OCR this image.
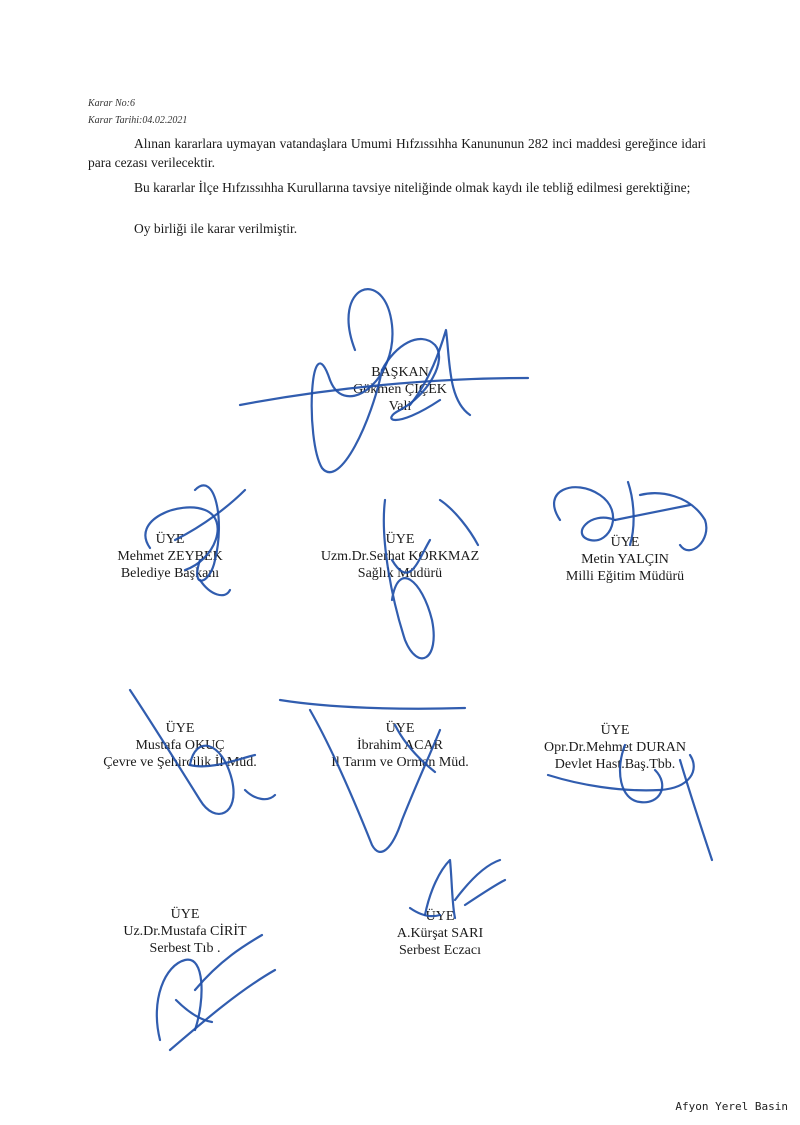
Karar No:6
Karar Tarihi:04.02.2021
Alınan kararlara uymayan vatandaşlara Umumi Hıfzıssıhha Kanununun 282 inci maddesi gereğince idari para cezası verilecektir.
Bu kararlar İlçe Hıfzıssıhha Kurullarına tavsiye niteliğinde olmak kaydı ile tebliğ edilmesi gerektiğine;
Oy birliği ile karar verilmiştir.
BAŞKAN
Gökmen ÇİÇEK
Vali
ÜYE
Mehmet ZEYBEK
Belediye Başkanı
ÜYE
Uzm.Dr.Serhat KORKMAZ
Sağlık Müdürü
ÜYE
Metin YALÇIN
Milli Eğitim Müdürü
ÜYE
Mustafa OKUÇ
Çevre ve Şehircilik İl Müd.
ÜYE
İbrahim ACAR
İl Tarım ve Orman Müd.
ÜYE
Opr.Dr.Mehmet DURAN
Devlet Hast.Baş.Tbb.
ÜYE
Uz.Dr.Mustafa CİRİT
Serbest Tıb .
ÜYE
A.Kürşat SARI
Serbest Eczacı
Afyon Yerel Basin
